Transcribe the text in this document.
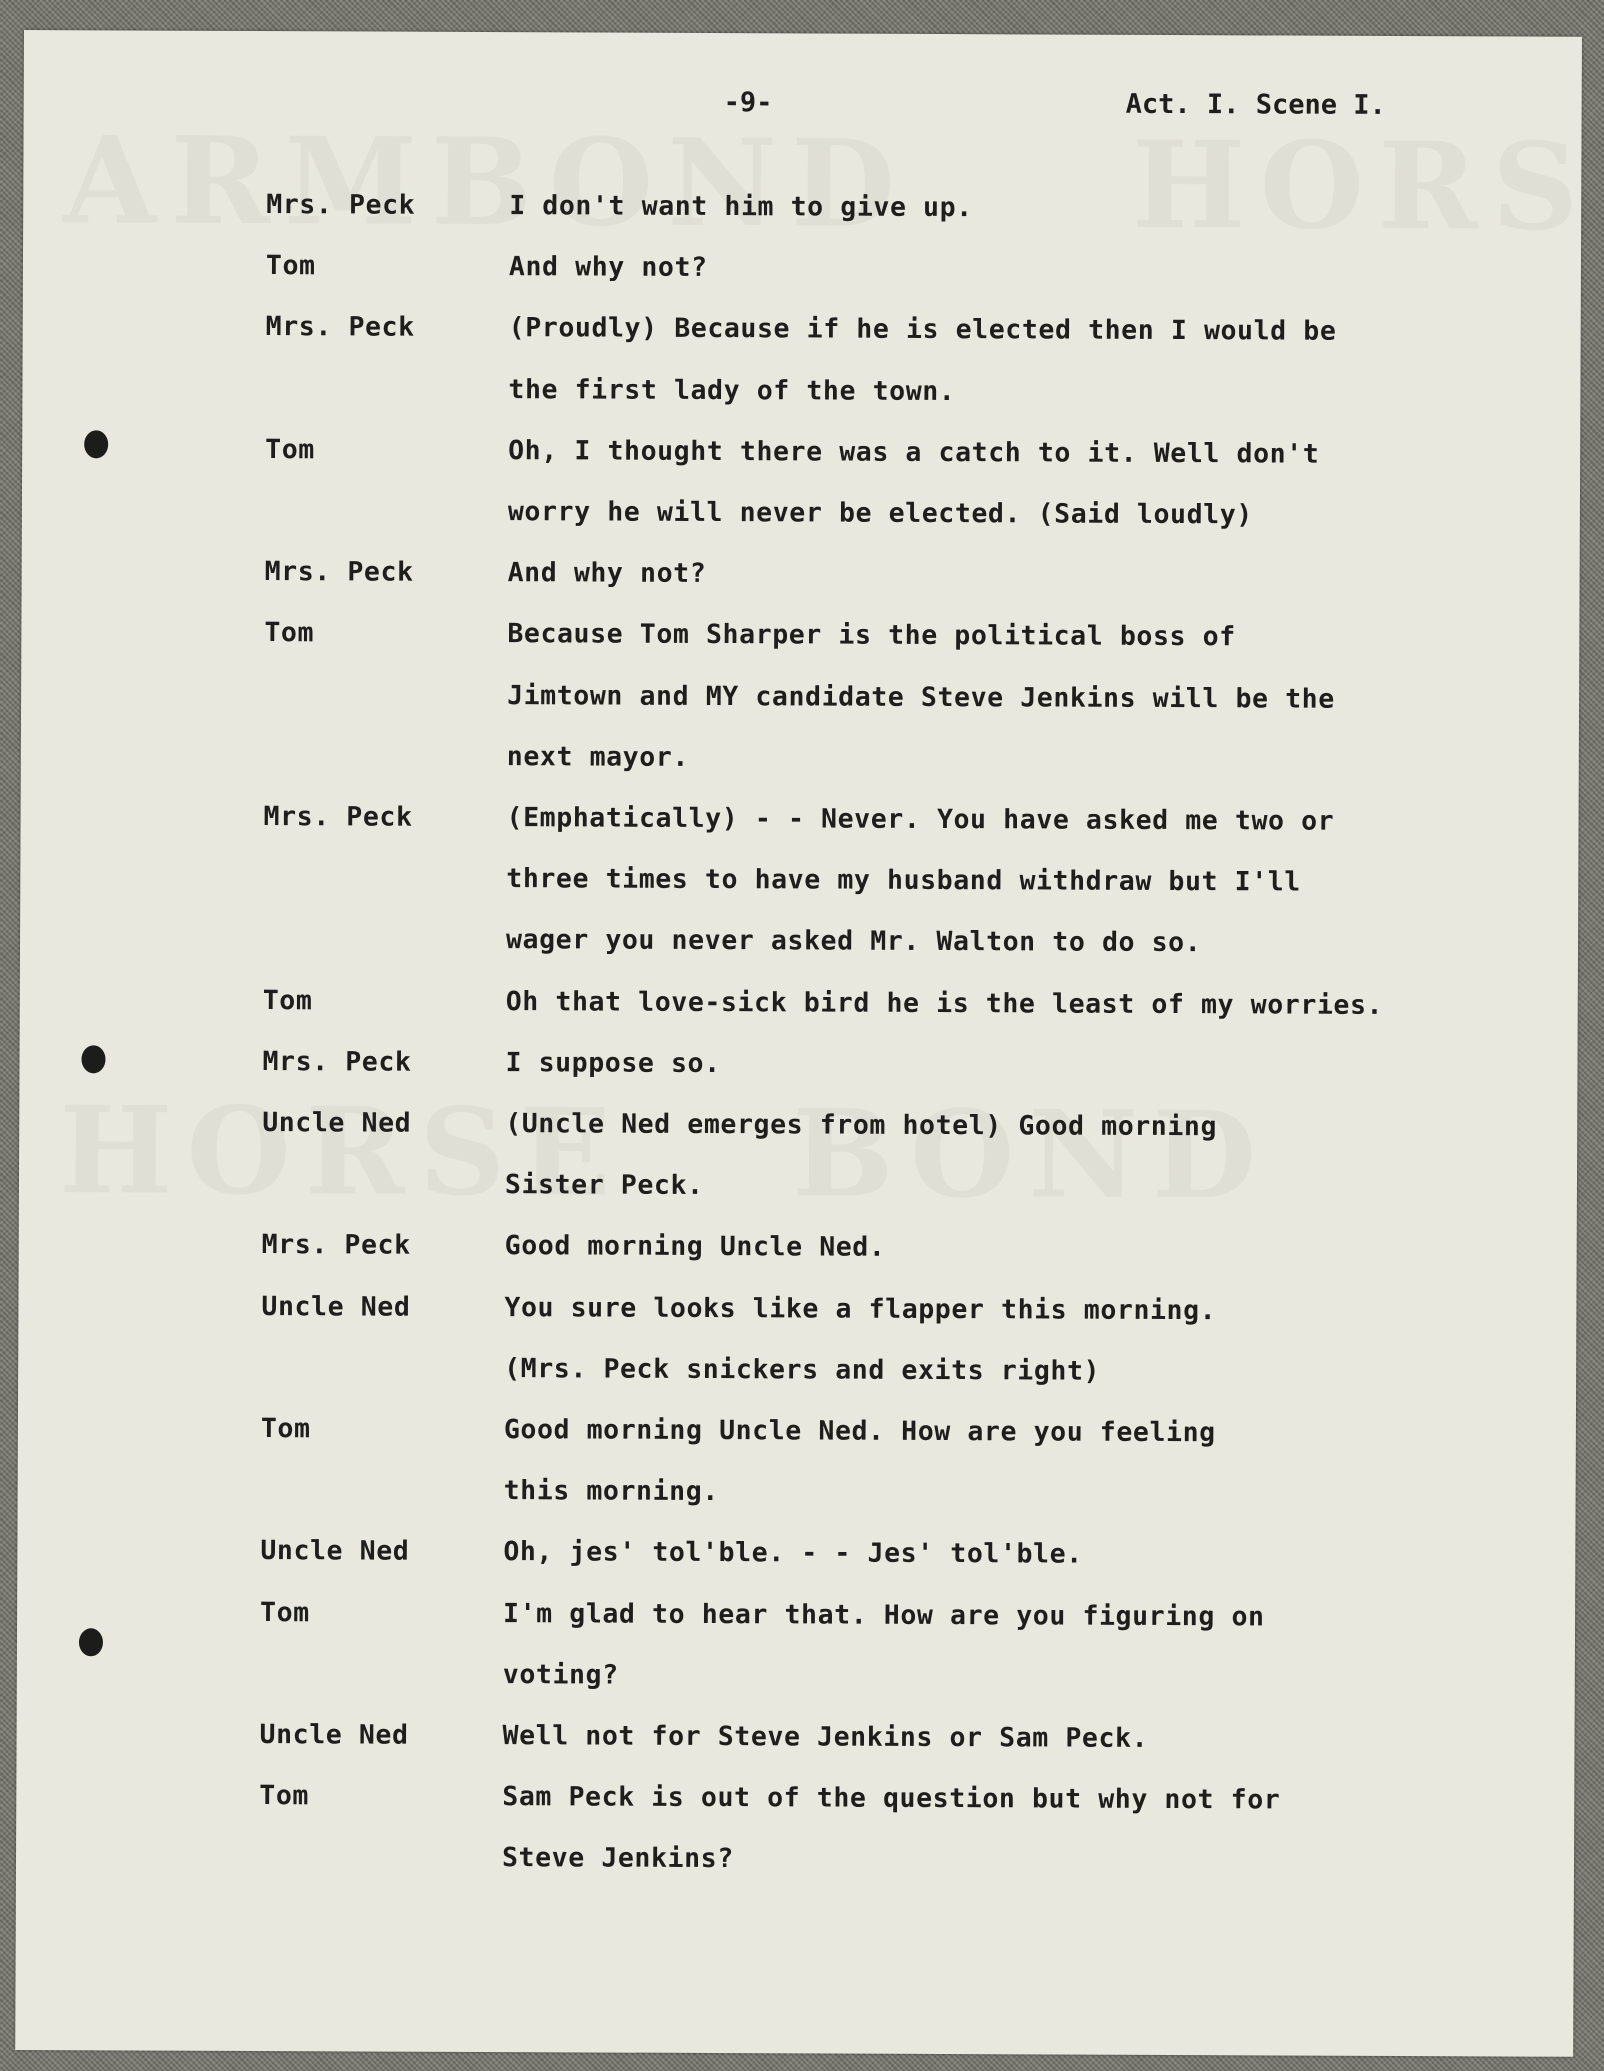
-9-	Act. I. Scene I.
Mrs. Peck	I don't want him to give up.
Tom	And why not?
Mrs. Peck	(Proudly) Because if he is elected then I would be
the first lady of the town.
Tom	Oh, I thought there was a catch to it. Well don't
worry he will never be elected. (Said loudly)
Mrs. Peck	And why not?
Tom	Because Tom Sharper is the political boss of
Jimtown and MY candidate Steve Jenkins will be the
next mayor.
Mrs. Peck	(Emphatically) - - Never. You have asked me two or
three times to have my husband withdraw but I'll
wager you never asked Mr. Walton to do so.
Tom	Oh that love-sick bird he is the least of my worries.
Mrs. Peck	I suppose so.
Uncle Ned	(Uncle Ned emerges from hotel) Good morning
Sister Peck.
Mrs. Peck	Good morning Uncle Ned.
Uncle Ned	You sure looks like a flapper this morning.
(Mrs. Peck snickers and exits right)
Tom	Good morning Uncle Ned. How are you feeling
this morning.
Uncle Ned	Oh, jes' tol'ble. - - Jes' tol'ble.
Tom	I'm glad to hear that. How are you figuring on
voting?
Uncle Ned	Well not for Steve Jenkins or Sam Peck.
Tom	Sam Peck is out of the question but why not for
Steve Jenkins?
